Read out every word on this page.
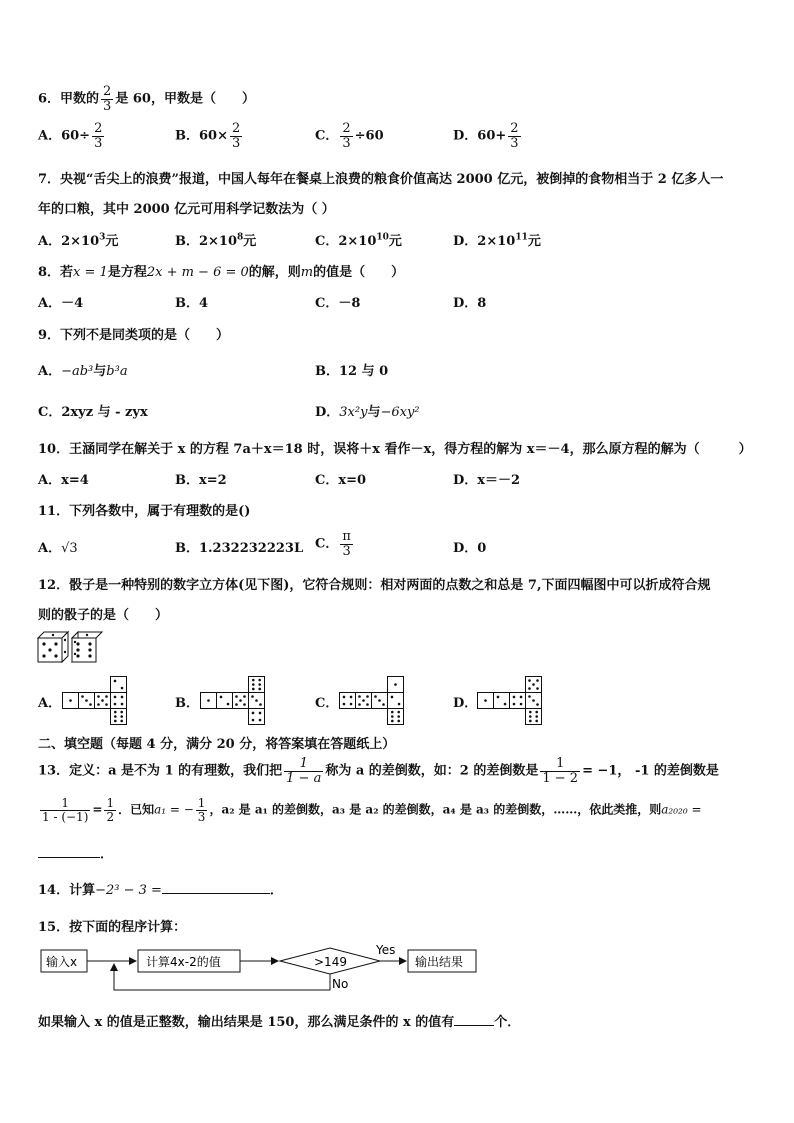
6．甲数的 $\frac{2}{3}$ 是 60，甲数是（　　）
A．$60\div \frac{2}{3}$	B．$60\times \frac{2}{3}$	C． $\frac{2}{3} \div 60$	D．$60+ \frac{2}{3}$
7．央视“舌尖上的浪费”报道，中国人每年在餐桌上浪费的粮食价值高达 2000 亿元，被倒掉的食物相当于 2 亿多人一
年的口粮，其中 2000 亿元可用科学记数法为（ ）
A．$2\times 10^3$元	B．$2\times 10^8$元	C．$2\times 10^{10}$元	D．$2\times 10^{11}$元
8．若x = 1是方程2x + m − 6 = 0的解，则m的值是（　　）
A．－4	B．4	C．－8	D．8
9．下列不是同类项的是（　　）
A．−ab³与b³a	B．12 与 0
C．2xyz 与 - zyx	D．3x²y与−6xy²
10．王涵同学在解关于 x 的方程 7a＋x＝18 时，误将＋x 看作－x，得方程的解为 x＝－4，那么原方程的解为（　　　）
A．x=4	B．x=2	C．x=0	D．x＝－2
11．下列各数中，属于有理数的是()
A．√3	B．1.232232223L C． $\frac{\pi}{3}$	D．0
12．骰子是一种特别的数字立方体(见下图)，它符合规则：相对两面的点数之和总是 7,下面四幅图中可以折成符合规
则的骰子的是（　　）
A．	B．	C．	D．
二、填空题（每题 4 分，满分 20 分，将答案填在答题纸上）
13．定义：a 是不为 1 的有理数，我们把 $\frac{1}{1 - a}$ 称为 a 的差倒数，如：2 的差倒数是 $\frac{1}{1 - 2} = -1$， -1 的差倒数是
$\frac{1}{1 - (-1)} = \frac{1}{2}$ ．已知a₁ = − $\frac{1}{3}$ ，a₂ 是 a₁ 的差倒数，a₃ 是 a₂ 的差倒数，a₄ 是 a₃ 的差倒数，……，依此类推，则a₂₀₂₀ =
．
14．计算−2³ − 3 =	．
15．按下面的程序计算：
输入x	计算4x-2的值	>149
Yes
输出结果
No
如果输入 x 的值是正整数，输出结果是 150，那么满足条件的 x 的值有	个．
